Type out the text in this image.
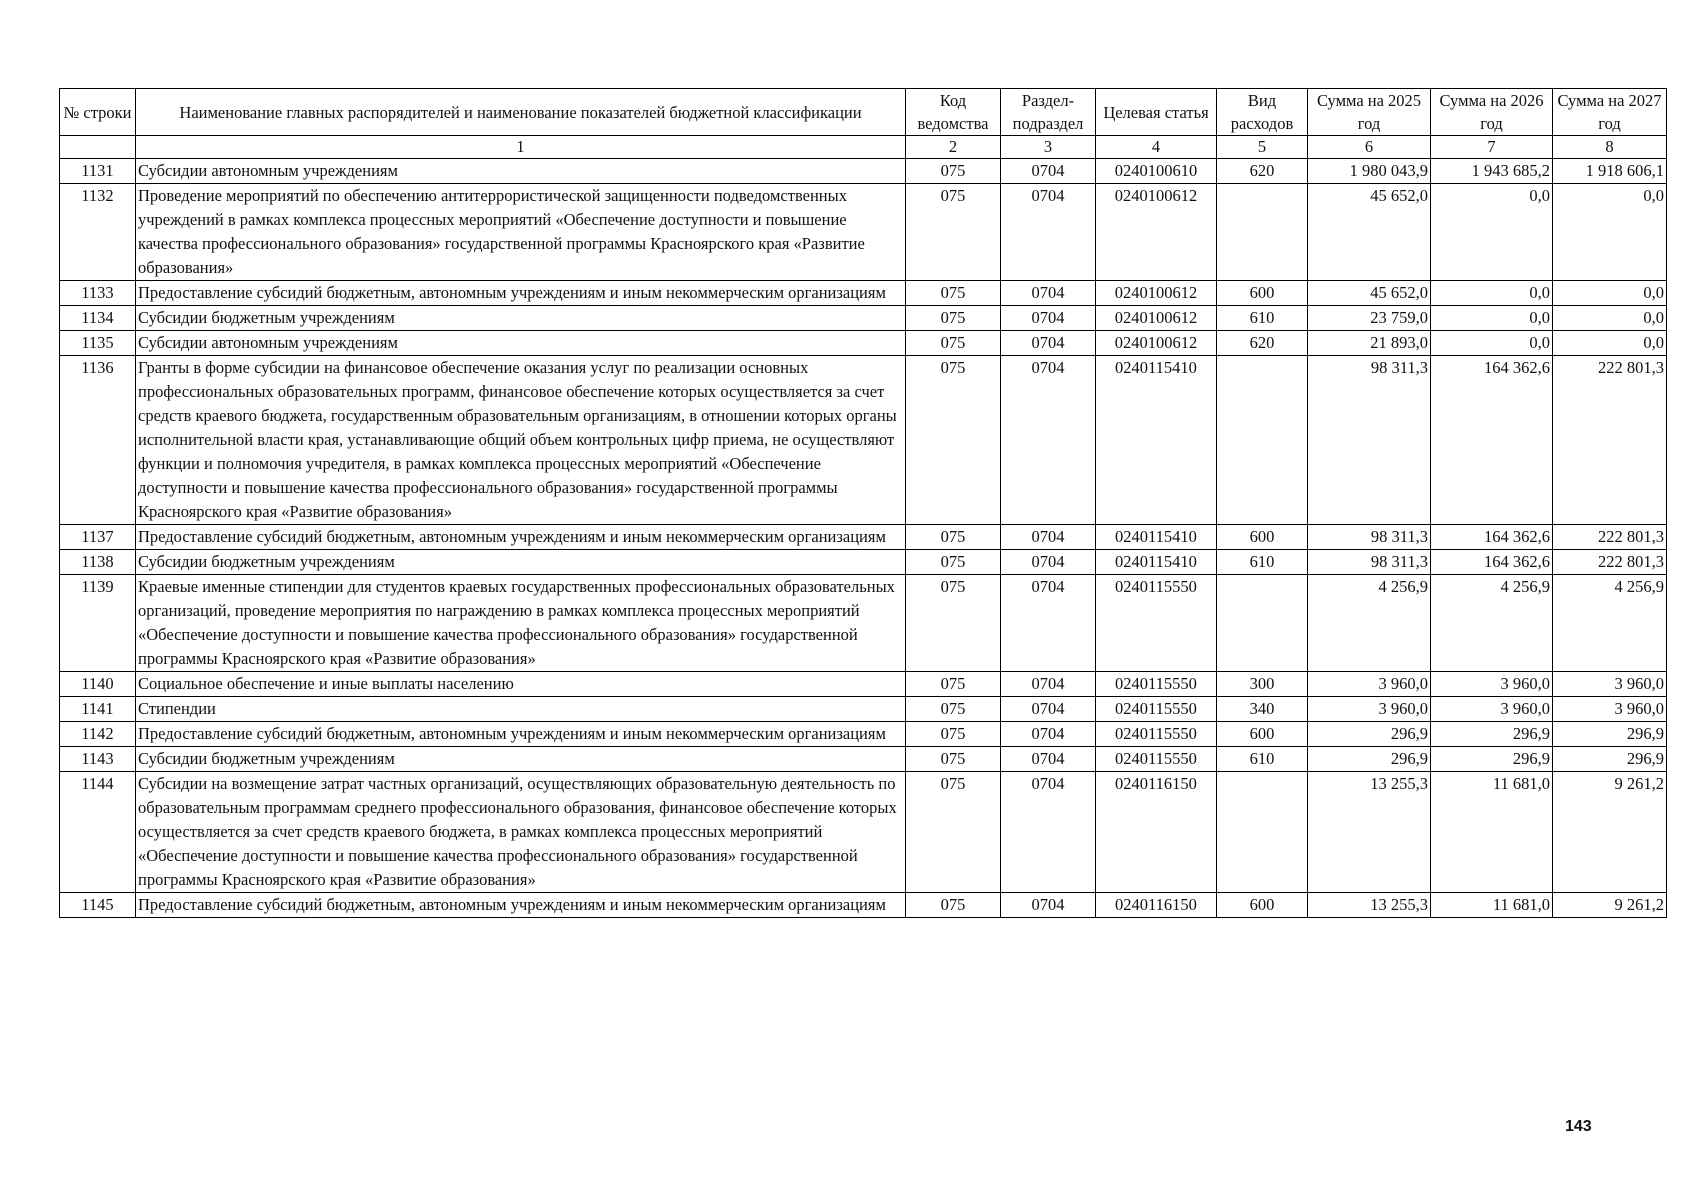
№ строки	Наименование главных распорядителей и наименование показателей бюджетной классификации	Код ведомства	Раздел-подраздел	Целевая статья	Вид расходов	Сумма на 2025 год	Сумма на 2026 год	Сумма на 2027 год
	1	2	3	4	5	6	7	8
1131	Субсидии автономным учреждениям	075	0704	0240100610	620	1 980 043,9	1 943 685,2	1 918 606,1
1132	Проведение мероприятий по обеспечению антитеррористической защищенности подведомственных учреждений в рамках комплекса процессных мероприятий «Обеспечение доступности и повышение качества профессионального образования» государственной программы Красноярского края «Развитие образования»	075	0704	0240100612		45 652,0	0,0	0,0
1133	Предоставление субсидий бюджетным, автономным учреждениям и иным некоммерческим организациям	075	0704	0240100612	600	45 652,0	0,0	0,0
1134	Субсидии бюджетным учреждениям	075	0704	0240100612	610	23 759,0	0,0	0,0
1135	Субсидии автономным учреждениям	075	0704	0240100612	620	21 893,0	0,0	0,0
1136	Гранты в форме субсидии на финансовое обеспечение оказания услуг по реализации основных профессиональных образовательных программ, финансовое обеспечение которых осуществляется за счет средств краевого бюджета, государственным образовательным организациям, в отношении которых органы исполнительной власти края, устанавливающие общий объем контрольных цифр приема, не осуществляют функции и полномочия учредителя, в рамках комплекса процессных мероприятий «Обеспечение доступности и повышение качества профессионального образования» государственной программы Красноярского края «Развитие образования»	075	0704	0240115410		98 311,3	164 362,6	222 801,3
1137	Предоставление субсидий бюджетным, автономным учреждениям и иным некоммерческим организациям	075	0704	0240115410	600	98 311,3	164 362,6	222 801,3
1138	Субсидии бюджетным учреждениям	075	0704	0240115410	610	98 311,3	164 362,6	222 801,3
1139	Краевые именные стипендии для студентов краевых государственных профессиональных образовательных организаций, проведение мероприятия по награждению в рамках комплекса процессных мероприятий «Обеспечение доступности и повышение качества профессионального образования» государственной программы Красноярского края «Развитие образования»	075	0704	0240115550		4 256,9	4 256,9	4 256,9
1140	Социальное обеспечение и иные выплаты населению	075	0704	0240115550	300	3 960,0	3 960,0	3 960,0
1141	Стипендии	075	0704	0240115550	340	3 960,0	3 960,0	3 960,0
1142	Предоставление субсидий бюджетным, автономным учреждениям и иным некоммерческим организациям	075	0704	0240115550	600	296,9	296,9	296,9
1143	Субсидии бюджетным учреждениям	075	0704	0240115550	610	296,9	296,9	296,9
1144	Субсидии на возмещение затрат частных организаций, осуществляющих образовательную деятельность по образовательным программам среднего профессионального образования, финансовое обеспечение которых осуществляется за счет средств краевого бюджета, в рамках комплекса процессных мероприятий «Обеспечение доступности и повышение качества профессионального образования» государственной программы Красноярского края «Развитие образования»	075	0704	0240116150		13 255,3	11 681,0	9 261,2
1145	Предоставление субсидий бюджетным, автономным учреждениям и иным некоммерческим организациям	075	0704	0240116150	600	13 255,3	11 681,0	9 261,2
143
